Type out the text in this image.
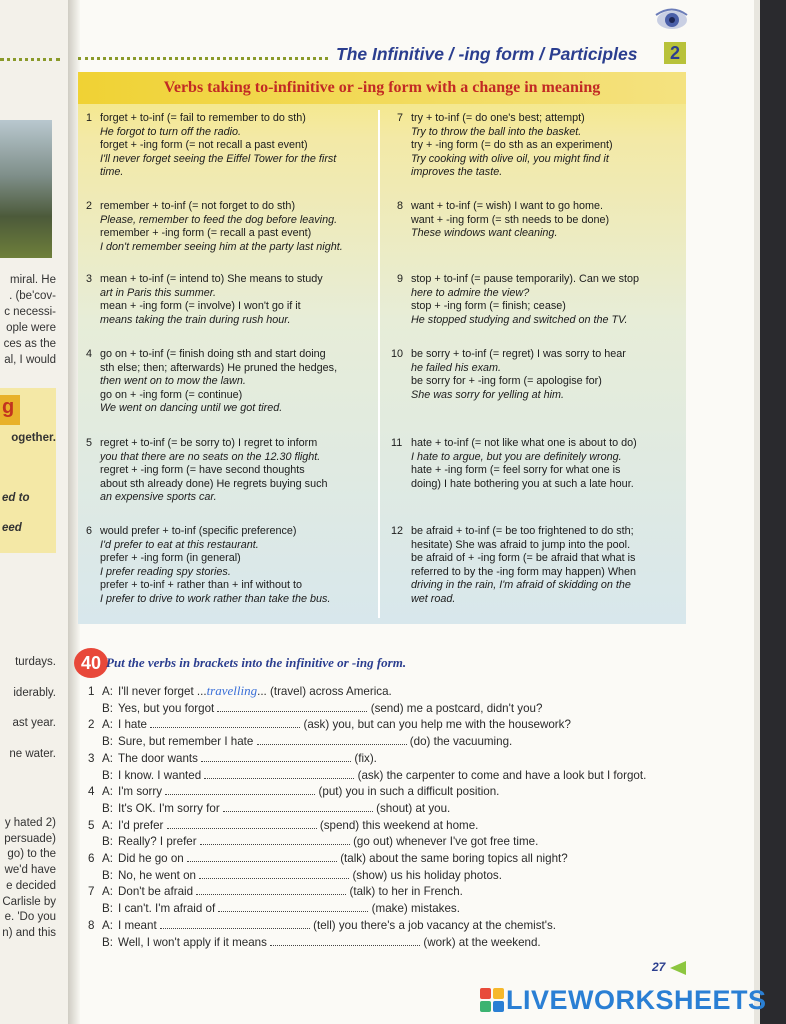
miral. He
. (be'cov-
c necessi-
ople were
ces as the
al, I would
g
ogether.
ed to
eed
turdays.
iderably.
ast year.
ne water.
y hated 2)
persuade)
go) to the
we'd have
e decided
Carlisle by
e. 'Do you
n) and this
The Infinitive / -ing form / Participles	2
Verbs taking to-infinitive or -ing form with a change in meaning
1 forget + to-inf (= fail to remember to do sth)

He forgot to turn off the radio.

forget + -ing form (= not recall a past event)

I'll never forget seeing the Eiffel Tower for the first

time.

2 remember + to-inf (= not forget to do sth)

Please, remember to feed the dog before leaving.

remember + -ing form (= recall a past event)

I don't remember seeing him at the party last night.

3 mean + to-inf (= intend to) She means to study

art in Paris this summer.

mean + -ing form (= involve) I won't go if it

means taking the train during rush hour.

4 go on + to-inf (= finish doing sth and start doing

sth else; then; afterwards) He pruned the hedges,

then went on to mow the lawn.

go on + -ing form (= continue)

We went on dancing until we got tired.

5 regret + to-inf (= be sorry to) I regret to inform

you that there are no seats on the 12.30 flight.

regret + -ing form (= have second thoughts

about sth already done) He regrets buying such

an expensive sports car.

6 would prefer + to-inf (specific preference)

I'd prefer to eat at this restaurant.

prefer + -ing form (in general)

I prefer reading spy stories.

prefer + to-inf + rather than + inf without to

I prefer to drive to work rather than take the bus.

7 try + to-inf (= do one's best; attempt)

Try to throw the ball into the basket.

try + -ing form (= do sth as an experiment)

Try cooking with olive oil, you might find it

improves the taste.

8 want + to-inf (= wish) I want to go home.

want + -ing form (= sth needs to be done)

These windows want cleaning.

9 stop + to-inf (= pause temporarily). Can we stop

here to admire the view?

stop + -ing form (= finish; cease)

He stopped studying and switched on the TV.

10 be sorry + to-inf (= regret) I was sorry to hear

he failed his exam.

be sorry for + -ing form (= apologise for)

She was sorry for yelling at him.

11 hate + to-inf (= not like what one is about to do)

I hate to argue, but you are definitely wrong.

hate + -ing form (= feel sorry for what one is

doing) I hate bothering you at such a late hour.

12 be afraid + to-inf (= be too frightened to do sth;

hesitate) She was afraid to jump into the pool.

be afraid of + -ing form (= be afraid that what is

referred to by the -ing form may happen) When

driving in the rain, I'm afraid of skidding on the

wet road.

40 Put the verbs in brackets into the infinitive or -ing form.
1 A: I'll never forget ...travelling... (travel) across America.
B: Yes, but you forgot	(send) me a postcard, didn't you?
2 A: I hate	(ask) you, but can you help me with the housework?
B: Sure, but remember I hate	(do) the vacuuming.
3 A: The door wants	(fix).
B: I know. I wanted	(ask) the carpenter to come and have a look but I forgot.
4 A: I'm sorry	(put) you in such a difficult position.
B: It's OK. I'm sorry for	(shout) at you.
5 A: I'd prefer	(spend) this weekend at home.
B: Really? I prefer	(go out) whenever I've got free time.
6 A: Did he go on	(talk) about the same boring topics all night?
B: No, he went on	(show) us his holiday photos.
7 A: Don't be afraid	(talk) to her in French.
B: I can't. I'm afraid of	(make) mistakes.
8 A: I meant	(tell) you there's a job vacancy at the chemist's.
B: Well, I won't apply if it means	(work) at the weekend.
27
LIVEWORKSHEETS
